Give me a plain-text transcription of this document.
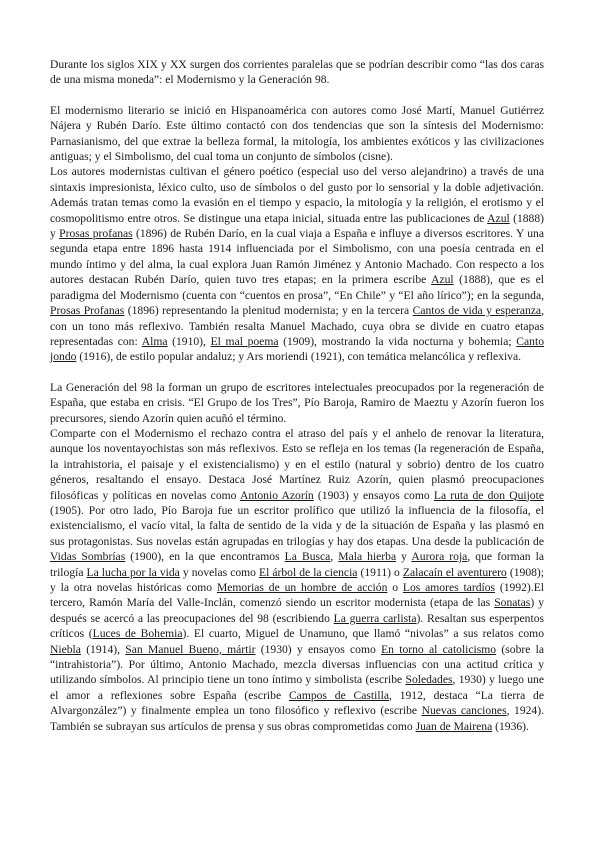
Durante los siglos XIX y XX surgen dos corrientes paralelas que se podrían describir como “las dos caras de una misma moneda”: el Modernismo y la Generación 98.

El modernismo literario se inició en Hispanoamérica con autores como José Martí, Manuel Gutiérrez Nájera y Rubén Darío. Este último contactó con dos tendencias que son la síntesis del Modernismo: Parnasianismo, del que extrae la belleza formal, la mitología, los ambientes exóticos y las civilizaciones antiguas; y el Simbolismo, del cual toma un conjunto de símbolos (cisne).

Los autores modernistas cultivan el género poético (especial uso del verso alejandrino) a través de una sintaxis impresionista, léxico culto, uso de símbolos o del gusto por lo sensorial y la doble adjetivación. Además tratan temas como la evasión en el tiempo y espacio, la mitología y la religión, el erotismo y el cosmopolitismo entre otros. Se distingue una etapa inicial, situada entre las publicaciones de Azul (1888) y Prosas profanas (1896) de Rubén Darío, en la cual viaja a España e influye a diversos escritores. Y una segunda etapa entre 1896 hasta 1914 influenciada por el Simbolismo, con una poesía centrada en el mundo íntimo y del alma, la cual explora Juan Ramón Jiménez y Antonio Machado. Con respecto a los autores destacan Rubén Darío, quien tuvo tres etapas; en la primera escribe Azul (1888), que es el paradigma del Modernismo (cuenta con “cuentos en prosa”, “En Chile” y “El año lírico”); en la segunda, Prosas Profanas (1896) representando la plenitud modernista; y en la tercera Cantos de vida y esperanza, con un tono más reflexivo. También resalta Manuel Machado, cuya obra se divide en cuatro etapas representadas con: Alma (1910), El mal poema (1909), mostrando la vida nocturna y bohemia; Canto jondo (1916), de estilo popular andaluz; y Ars moriendi (1921), con temática melancólica y reflexiva.

La Generación del 98 la forman un grupo de escritores intelectuales preocupados por la regeneración de España, que estaba en crisis. “El Grupo de los Tres”, Pío Baroja, Ramiro de Maeztu y Azorín fueron los precursores, siendo Azorín quien acuñó el término.

Comparte con el Modernismo el rechazo contra el atraso del país y el anhelo de renovar la literatura, aunque los noventayochistas son más reflexivos. Esto se refleja en los temas (la regeneración de España, la intrahistoria, el paisaje y el existencialismo) y en el estilo (natural y sobrio) dentro de los cuatro géneros, resaltando el ensayo. Destaca José Martínez Ruiz Azorín, quien plasmó preocupaciones filosóficas y políticas en novelas como Antonio Azorín (1903) y ensayos como La ruta de don Quijote (1905). Por otro lado, Pío Baroja fue un escritor prolífico que utilizó la influencia de la filosofía, el existencialismo, el vacío vital, la falta de sentido de la vida y de la situación de España y las plasmó en sus protagonistas. Sus novelas están agrupadas en trilogías y hay dos etapas. Una desde la publicación de Vidas Sombrías (1900), en la que encontramos La Busca, Mala hierba y Aurora roja, que forman la trilogía La lucha por la vida y novelas como El árbol de la ciencia (1911) o Zalacaín el aventurero (1908); y la otra novelas históricas como Memorias de un hombre de acción o Los amores tardíos (1992).El tercero, Ramón María del Valle-Inclán, comenzó siendo un escritor modernista (etapa de las Sonatas) y después se acercó a las preocupaciones del 98 (escribiendo La guerra carlista). Resaltan sus esperpentos críticos (Luces de Bohemia). El cuarto, Miguel de Unamuno, que llamó “nivolas” a sus relatos como Niebla (1914), San Manuel Bueno, mártir (1930) y ensayos como En torno al catolicismo (sobre la “intrahistoria”). Por último, Antonio Machado, mezcla diversas influencias con una actitud crítica y utilizando símbolos. Al principio tiene un tono íntimo y simbolista (escribe Soledades, 1930) y luego une el amor a reflexiones sobre España (escribe Campos de Castilla, 1912, destaca “La tierra de Alvargonzález”) y finalmente emplea un tono filosófico y reflexivo (escribe Nuevas canciones, 1924). También se subrayan sus artículos de prensa y sus obras comprometidas como Juan de Mairena (1936).
